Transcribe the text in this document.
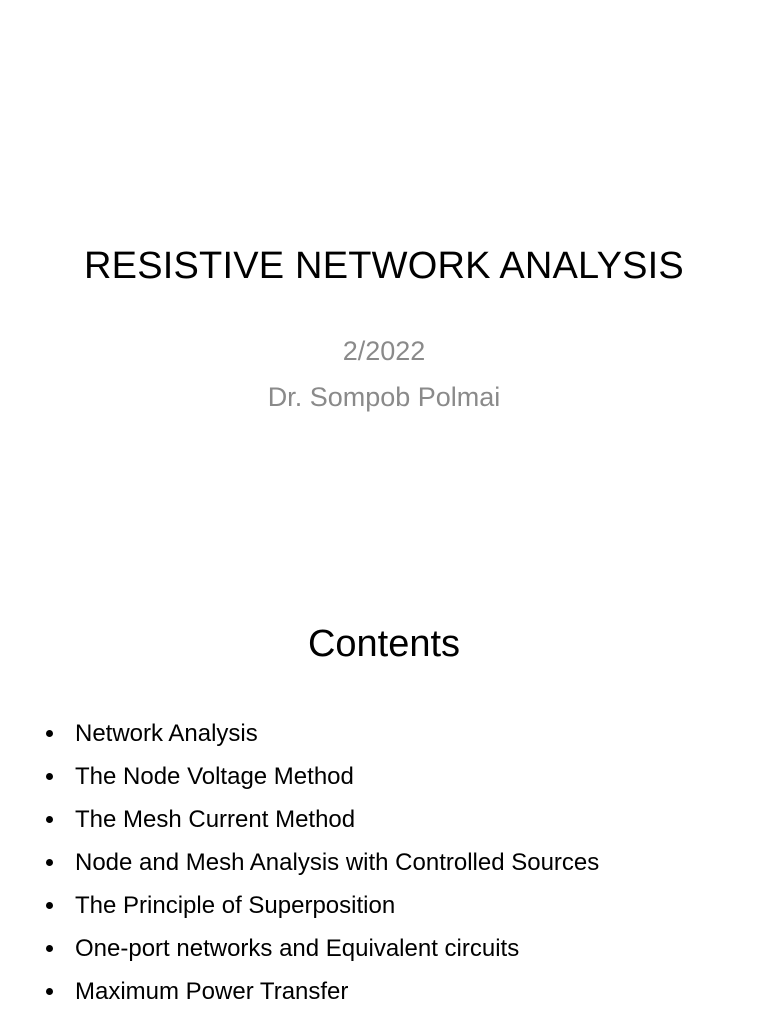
RESISTIVE NETWORK ANALYSIS
2/2022
Dr. Sompob Polmai
Contents
Network Analysis
The Node Voltage Method
The Mesh Current Method
Node and Mesh Analysis with Controlled Sources
The Principle of Superposition
One-port networks and Equivalent circuits
Maximum Power Transfer
